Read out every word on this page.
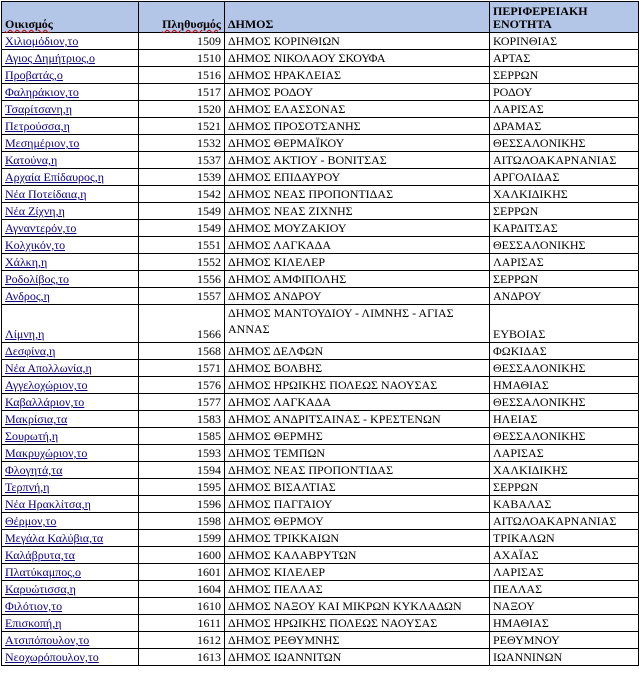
Οικισμός	Πληθυσμός	ΔΗΜΟΣ	ΠΕΡΙΦΕΡΕΙΑΚΗ ΕΝΟΤΗΤΑ
Χιλιομόδιον,το	1509	ΔΗΜΟΣ ΚΟΡΙΝΘΙΩΝ	ΚΟΡΙΝΘΙΑΣ
Αγιος Δημήτριος,ο	1510	ΔΗΜΟΣ ΝΙΚΟΛΑΟΥ ΣΚΟΥΦΑ	ΑΡΤΑΣ
Προβατάς,ο	1516	ΔΗΜΟΣ ΗΡΑΚΛΕΙΑΣ	ΣΕΡΡΩΝ
Φαληράκιον,το	1517	ΔΗΜΟΣ ΡΟΔΟΥ	ΡΟΔΟΥ
Τσαρίτσανη,η	1520	ΔΗΜΟΣ ΕΛΑΣΣΟΝΑΣ	ΛΑΡΙΣΑΣ
Πετρούσσα,η	1521	ΔΗΜΟΣ ΠΡΟΣΟΤΣΑΝΗΣ	ΔΡΑΜΑΣ
Μεσημέριον,το	1532	ΔΗΜΟΣ ΘΕΡΜΑΪΚΟΥ	ΘΕΣΣΑΛΟΝΙΚΗΣ
Κατούνα,η	1537	ΔΗΜΟΣ ΑΚΤΙΟΥ - ΒΟΝΙΤΣΑΣ	ΑΙΤΩΛΟΑΚΑΡΝΑΝΙΑΣ
Αρχαία Επίδαυρος,η	1539	ΔΗΜΟΣ ΕΠΙΔΑΥΡΟΥ	ΑΡΓΟΛΙΔΑΣ
Νέα Ποτείδαια,η	1542	ΔΗΜΟΣ ΝΕΑΣ ΠΡΟΠΟΝΤΙΔΑΣ	ΧΑΛΚΙΔΙΚΗΣ
Νέα Ζίχνη,η	1549	ΔΗΜΟΣ ΝΕΑΣ ΖΙΧΝΗΣ	ΣΕΡΡΩΝ
Αγναντερόν,το	1549	ΔΗΜΟΣ ΜΟΥΖΑΚΙΟΥ	ΚΑΡΔΙΤΣΑΣ
Κολχικόν,το	1551	ΔΗΜΟΣ ΛΑΓΚΑΔΑ	ΘΕΣΣΑΛΟΝΙΚΗΣ
Χάλκη,η	1552	ΔΗΜΟΣ ΚΙΛΕΛΕΡ	ΛΑΡΙΣΑΣ
Ροδολίβος,το	1556	ΔΗΜΟΣ ΑΜΦΙΠΟΛΗΣ	ΣΕΡΡΩΝ
Ανδρος,η	1557	ΔΗΜΟΣ ΑΝΔΡΟΥ	ΑΝΔΡΟΥ
Λίμνη,η	1566	ΔΗΜΟΣ ΜΑΝΤΟΥΔΙΟΥ - ΛΙΜΝΗΣ - ΑΓΙΑΣ ΑΝΝΑΣ	ΕΥΒΟΙΑΣ
Δεσφίνα,η	1568	ΔΗΜΟΣ ΔΕΛΦΩΝ	ΦΩΚΙΔΑΣ
Νέα Απολλωνία,η	1571	ΔΗΜΟΣ ΒΟΛΒΗΣ	ΘΕΣΣΑΛΟΝΙΚΗΣ
Αγγελοχώριον,το	1576	ΔΗΜΟΣ ΗΡΩΙΚΗΣ ΠΟΛΕΩΣ ΝΑΟΥΣΑΣ	ΗΜΑΘΙΑΣ
Καβαλλάριον,το	1577	ΔΗΜΟΣ ΛΑΓΚΑΔΑ	ΘΕΣΣΑΛΟΝΙΚΗΣ
Μακρίσια,τα	1583	ΔΗΜΟΣ ΑΝΔΡΙΤΣΑΙΝΑΣ - ΚΡΕΣΤΕΝΩΝ	ΗΛΕΙΑΣ
Σουρωτή,η	1585	ΔΗΜΟΣ ΘΕΡΜΗΣ	ΘΕΣΣΑΛΟΝΙΚΗΣ
Μακρυχώριον,το	1593	ΔΗΜΟΣ ΤΕΜΠΩΝ	ΛΑΡΙΣΑΣ
Φλογητά,τα	1594	ΔΗΜΟΣ ΝΕΑΣ ΠΡΟΠΟΝΤΙΔΑΣ	ΧΑΛΚΙΔΙΚΗΣ
Τερπνή,η	1595	ΔΗΜΟΣ ΒΙΣΑΛΤΙΑΣ	ΣΕΡΡΩΝ
Νέα Ηρακλίτσα,η	1596	ΔΗΜΟΣ ΠΑΓΓΑΙΟΥ	ΚΑΒΑΛΑΣ
Θέρμον,το	1598	ΔΗΜΟΣ ΘΕΡΜΟΥ	ΑΙΤΩΛΟΑΚΑΡΝΑΝΙΑΣ
Μεγάλα Καλύβια,τα	1599	ΔΗΜΟΣ ΤΡΙΚΚΑΙΩΝ	ΤΡΙΚΑΛΩΝ
Καλάβρυτα,τα	1600	ΔΗΜΟΣ ΚΑΛΑΒΡΥΤΩΝ	ΑΧΑΪΑΣ
Πλατύκαμπος,ο	1601	ΔΗΜΟΣ ΚΙΛΕΛΕΡ	ΛΑΡΙΣΑΣ
Καρυώτισσα,η	1604	ΔΗΜΟΣ ΠΕΛΛΑΣ	ΠΕΛΛΑΣ
Φιλότιον,το	1610	ΔΗΜΟΣ ΝΑΞΟΥ ΚΑΙ ΜΙΚΡΩΝ ΚΥΚΛΑΔΩΝ	ΝΑΞΟΥ
Επισκοπή,η	1611	ΔΗΜΟΣ ΗΡΩΙΚΗΣ ΠΟΛΕΩΣ ΝΑΟΥΣΑΣ	ΗΜΑΘΙΑΣ
Ατσιπόπουλον,το	1612	ΔΗΜΟΣ ΡΕΘΥΜΝΗΣ	ΡΕΘΥΜΝΟΥ
Νεοχωρόπουλον,το	1613	ΔΗΜΟΣ ΙΩΑΝΝΙΤΩΝ	ΙΩΑΝΝΙΝΩΝ
